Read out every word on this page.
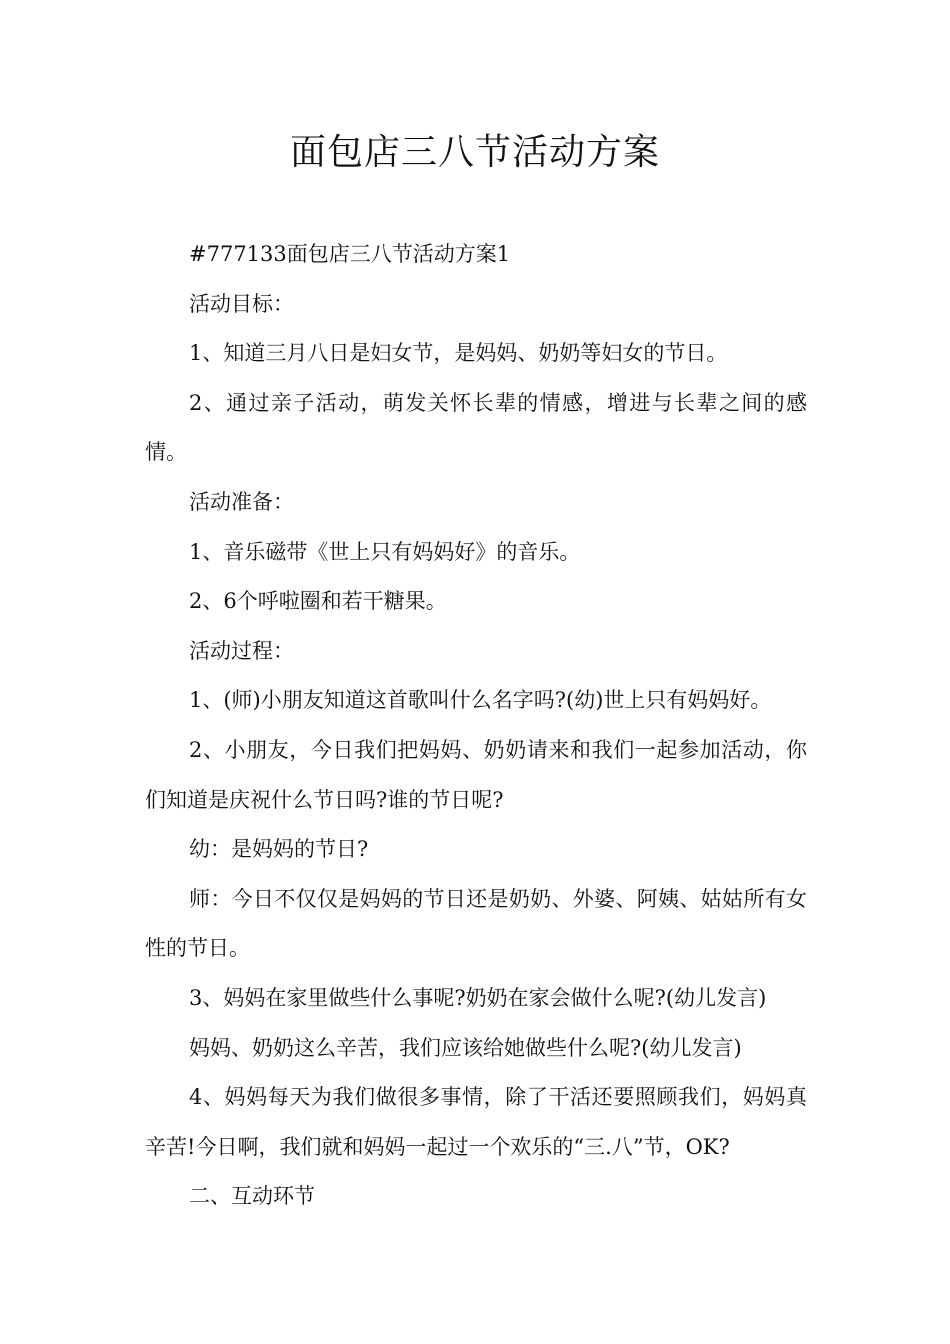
面包店三八节活动方案

#777133面包店三八节活动方案1

活动目标：

1、知道三月八日是妇女节，是妈妈、奶奶等妇女的节日。

2、通过亲子活动，萌发关怀长辈的情感，增进与长辈之间的感情。

活动准备：

1、音乐磁带《世上只有妈妈好》的音乐。

2、6个呼啦圈和若干糖果。

活动过程：

1、(师)小朋友知道这首歌叫什么名字吗?(幼)世上只有妈妈好。

2、小朋友，今日我们把妈妈、奶奶请来和我们一起参加活动，你们知道是庆祝什么节日吗?谁的节日呢?

幼：是妈妈的节日?

师：今日不仅仅是妈妈的节日还是奶奶、外婆、阿姨、姑姑所有女性的节日。

3、妈妈在家里做些什么事呢?奶奶在家会做什么呢?(幼儿发言)

妈妈、奶奶这么辛苦，我们应该给她做些什么呢?(幼儿发言)

4、妈妈每天为我们做很多事情，除了干活还要照顾我们，妈妈真辛苦!今日啊，我们就和妈妈一起过一个欢乐的“三.八”节，OK?

二、互动环节
